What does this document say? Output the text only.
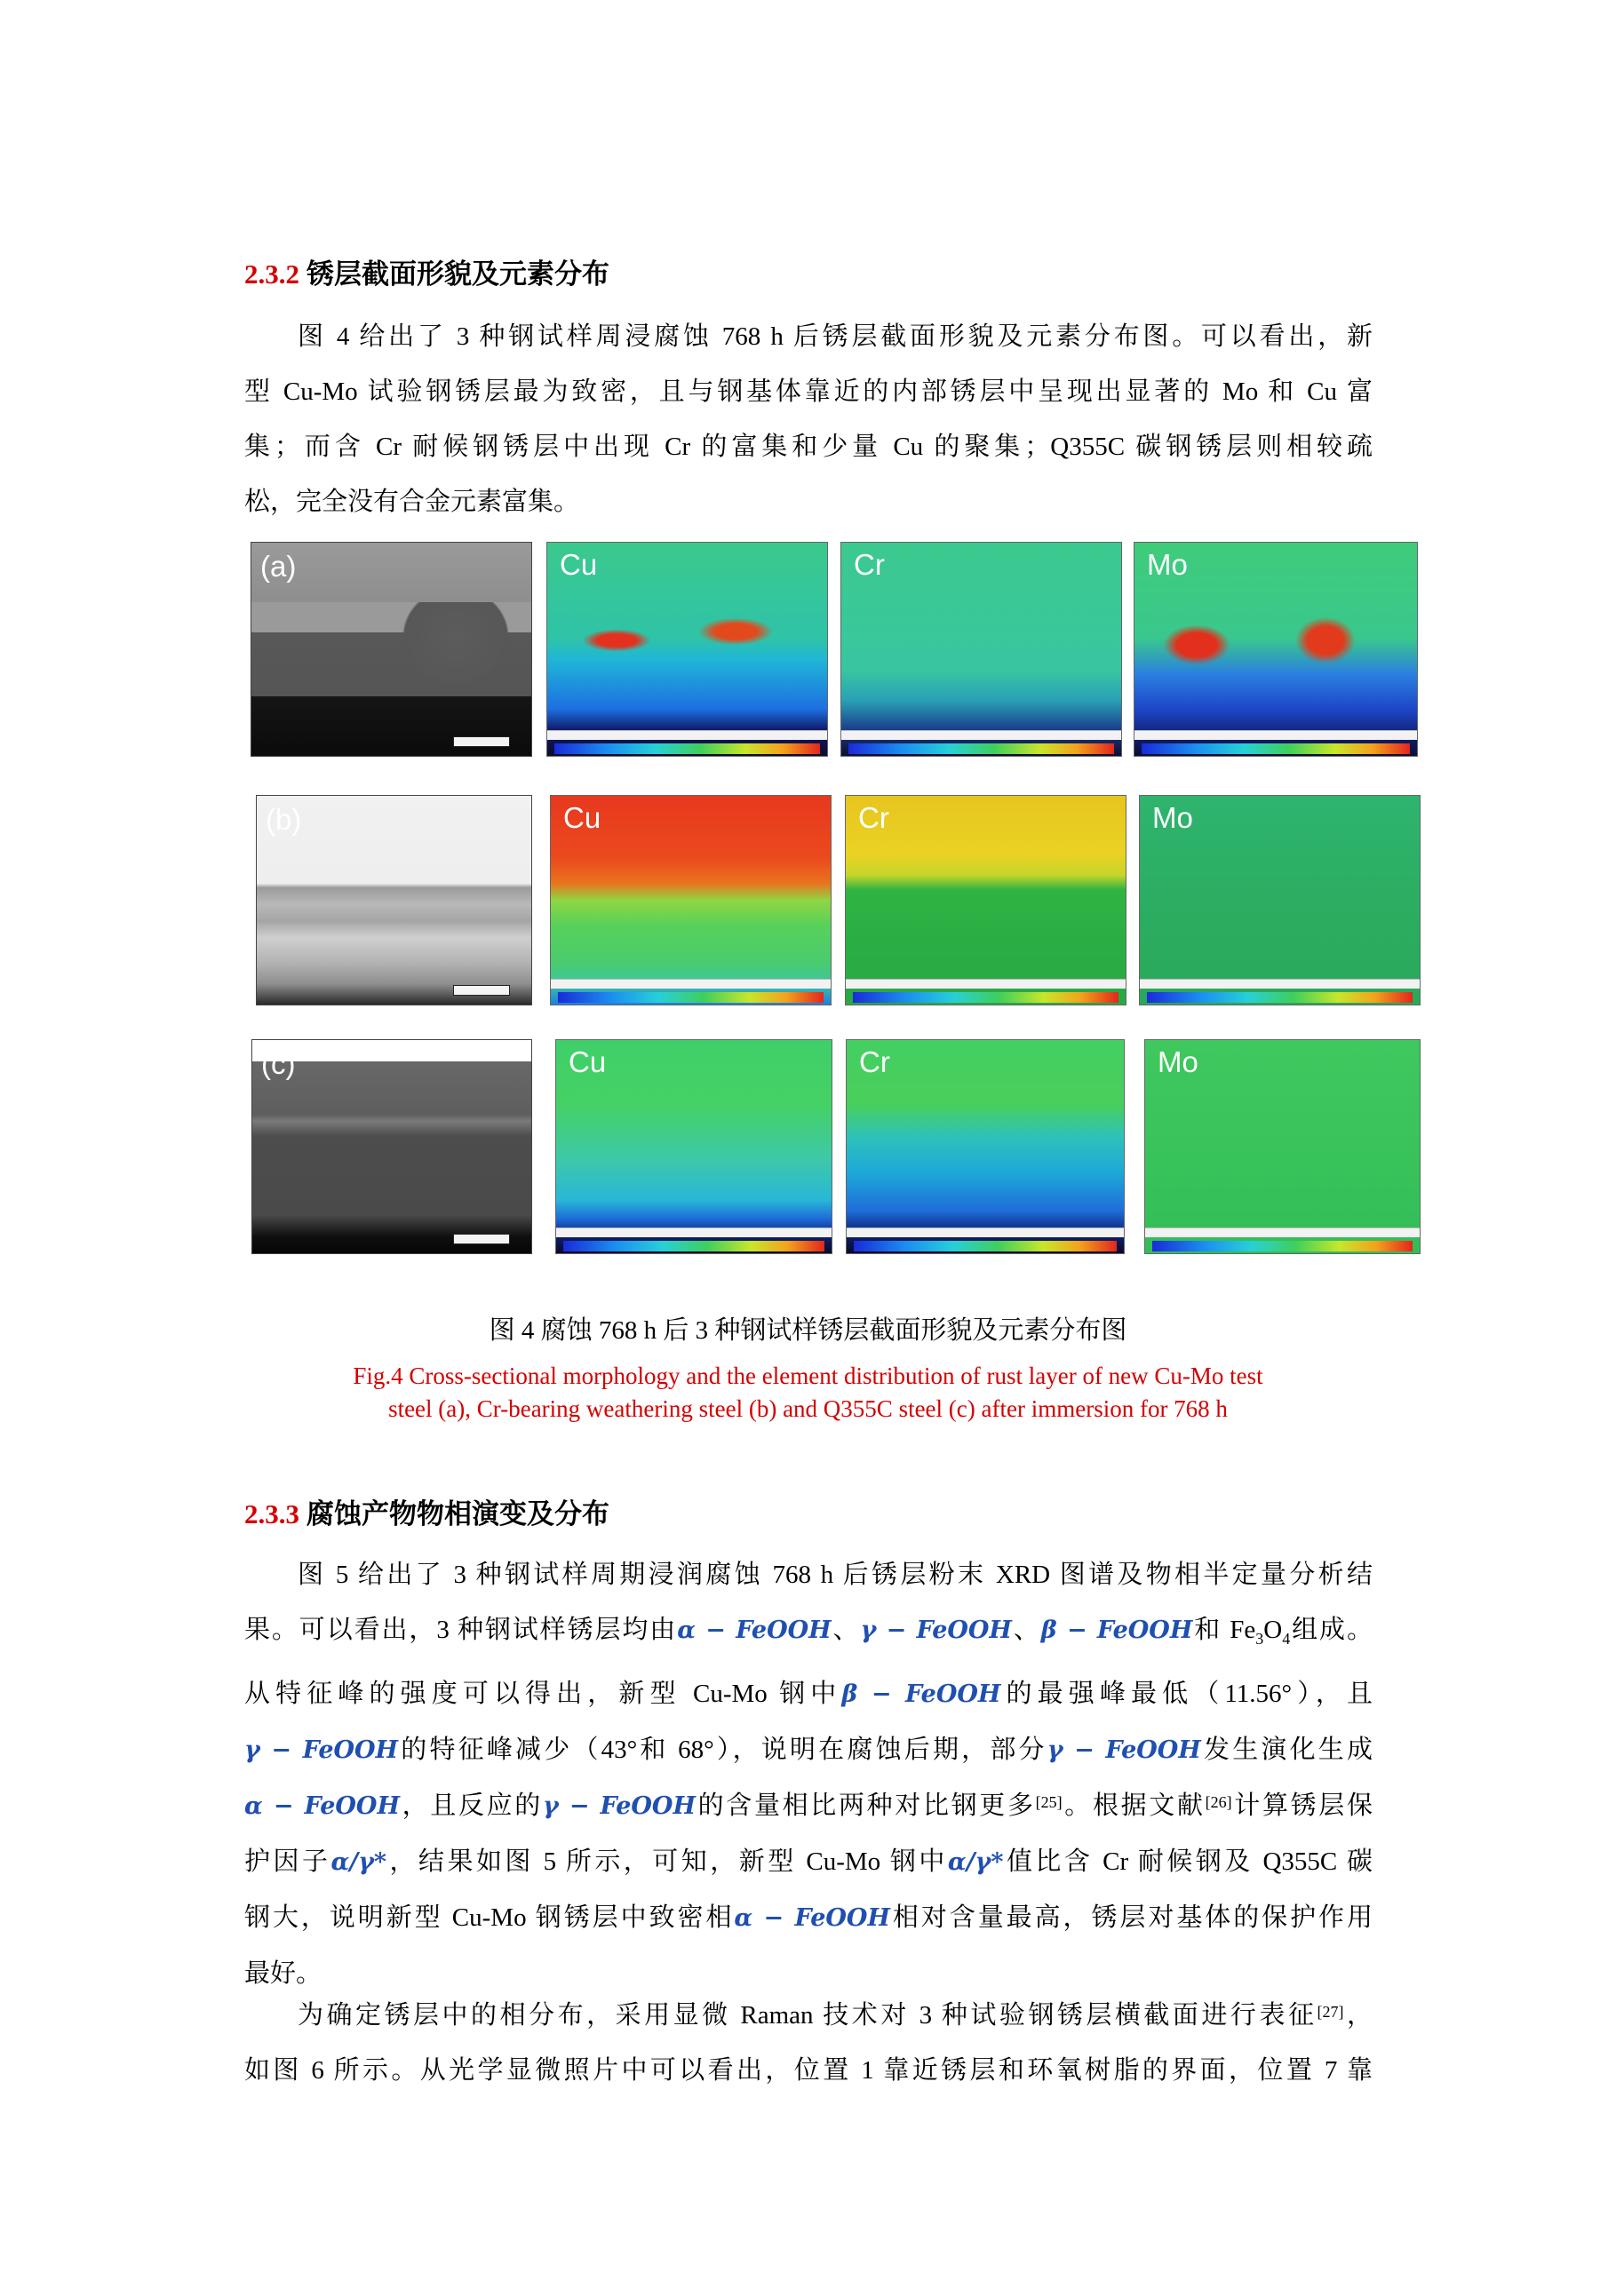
2.3.2 锈层截面形貌及元素分布
图 4 给出了 3 种钢试样周浸腐蚀 768 h 后锈层截面形貌及元素分布图。可以看出，新
型 Cu-Mo 试验钢锈层最为致密，且与钢基体靠近的内部锈层中呈现出显著的 Mo 和 Cu 富
集；而含 Cr 耐候钢锈层中出现 Cr 的富集和少量 Cu 的聚集；Q355C 碳钢锈层则相较疏
松，完全没有合金元素富集。
(a)	Cu	Cr	Mo
(b)	Cu	Cr	Mo
(c)	Cu	Cr	Mo
图 4 腐蚀 768 h 后 3 种钢试样锈层截面形貌及元素分布图
Fig.4 Cross-sectional morphology and the element distribution of rust layer of new Cu-Mo test
steel (a), Cr-bearing weathering steel (b) and Q355C steel (c) after immersion for 768 h
2.3.3 腐蚀产物物相演变及分布
图 5 给出了 3 种钢试样周期浸润腐蚀 768 h 后锈层粉末 XRD 图谱及物相半定量分析结
果。可以看出，3 种钢试样锈层均由α − FeOOH、γ − FeOOH、β − FeOOH和 $Fe_3O_4$组成。
从特征峰的强度可以得出，新型 Cu-Mo 钢中β − FeOOH的最强峰最低（11.56°），且
γ − FeOOH的特征峰减少（43°和 68°），说明在腐蚀后期，部分γ − FeOOH发生演化生成
α − FeOOH，且反应的γ − FeOOH的含量相比两种对比钢更多[25]。根据文献[26]计算锈层保
护因子α/γ*，结果如图 5 所示，可知，新型 Cu-Mo 钢中α/γ*值比含 Cr 耐候钢及 Q355C 碳
钢大，说明新型 Cu-Mo 钢锈层中致密相α − FeOOH相对含量最高，锈层对基体的保护作用
最好。
为确定锈层中的相分布，采用显微 Raman 技术对 3 种试验钢锈层横截面进行表征[27]，
如图 6 所示。从光学显微照片中可以看出，位置 1 靠近锈层和环氧树脂的界面，位置 7 靠
